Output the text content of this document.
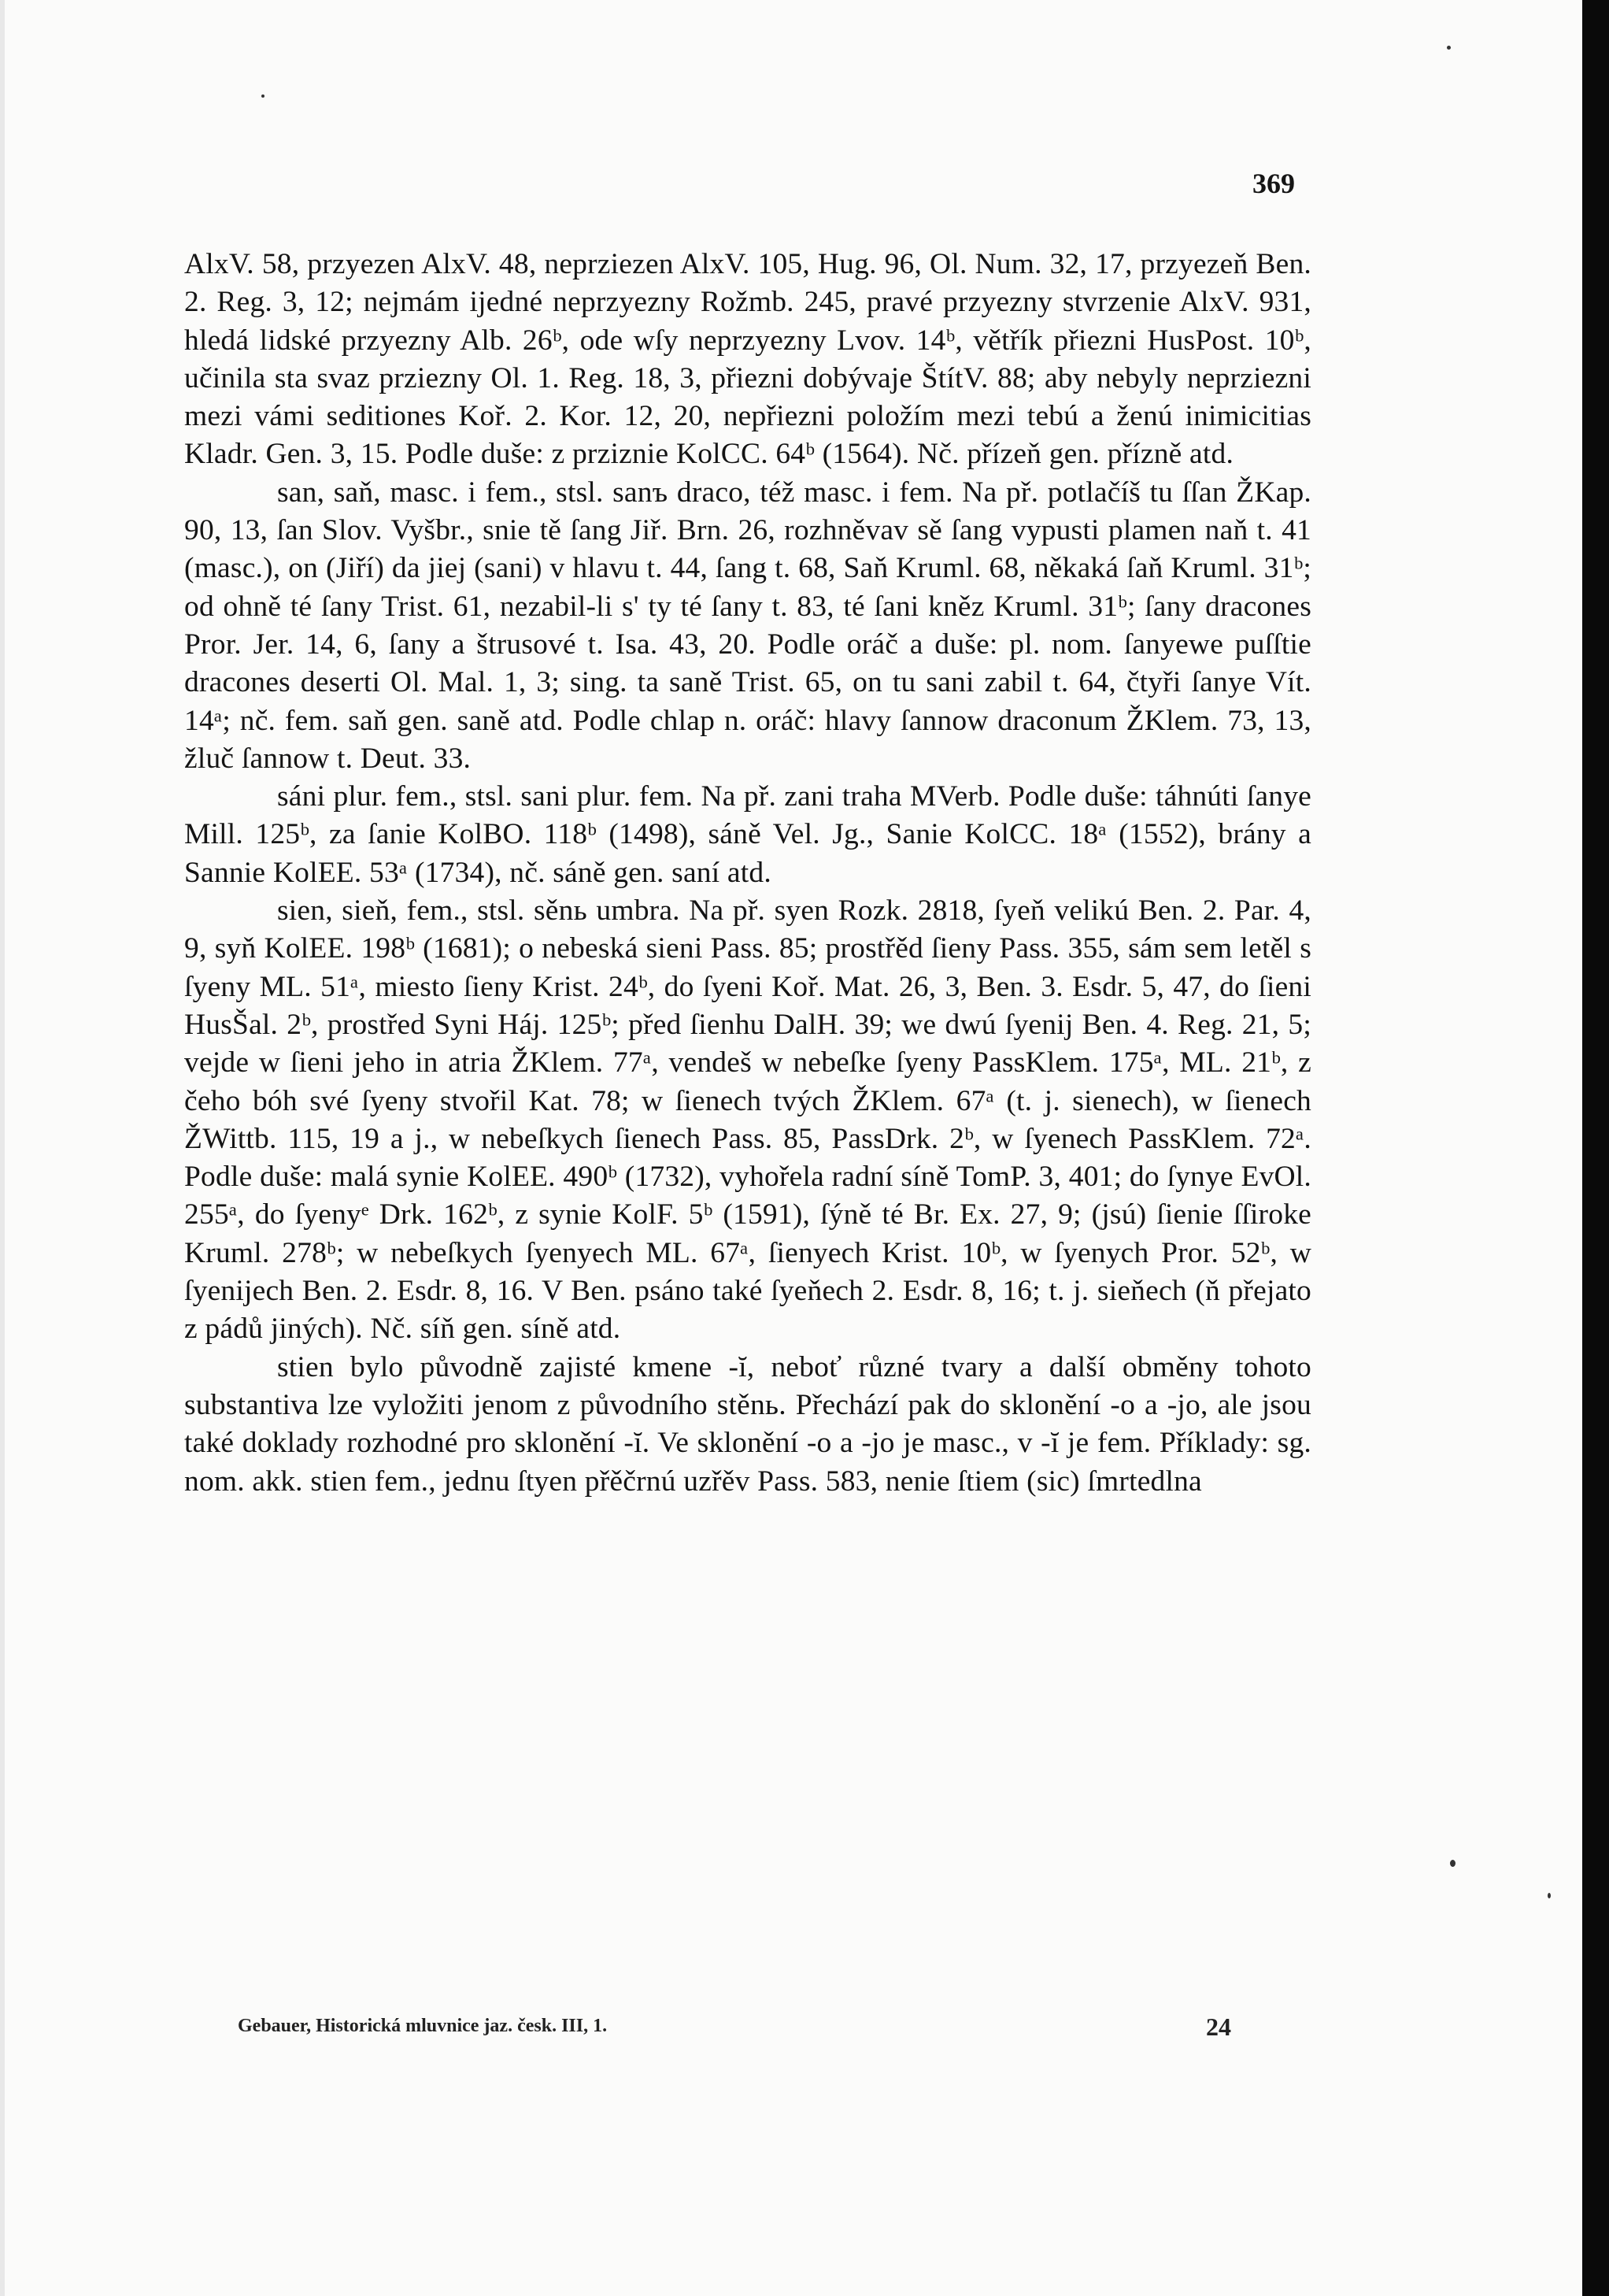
369

AlxV. 58, przyezen AlxV. 48, neprziezen AlxV. 105, Hug. 96, Ol. Num. 32, 17, przyezeň Ben. 2. Reg. 3, 12; nejmám ijedné neprzyezny Rožmb. 245, pravé przyezny stvrzenie AlxV. 931, hledá lidské przyezny Alb. 26ᵇ, ode wſy neprzyezny Lvov. 14ᵇ, větřík přiezni HusPost. 10ᵇ, učinila sta svaz prziezny Ol. 1. Reg. 18, 3, přiezni dobývaje ŠtítV. 88; aby nebyly neprziezni mezi vámi seditiones Koř. 2. Kor. 12, 20, nepřiezni položím mezi tebú a ženú inimicitias Kladr. Gen. 3, 15. Podle duše: z prziznie KolCC. 64ᵇ (1564). Nč. přízeň gen. přízně atd.

san, saň, masc. i fem., stsl. sanъ draco, též masc. i fem. Na př. potlačíš tu ſſan ŽKap. 90, 13, ſan Slov. Vyšbr., snie tě ſang Jiř. Brn. 26, rozhněvav sě ſang vypusti plamen naň t. 41 (masc.), on (Jiří) da jiej (sani) v hlavu t. 44, ſang t. 68, Saň Kruml. 68, někaká ſaň Kruml. 31ᵇ; od ohně té ſany Trist. 61, nezabil-li s' ty té ſany t. 83, té ſani kněz Kruml. 31ᵇ; ſany dracones Pror. Jer. 14, 6, ſany a štrusové t. Isa. 43, 20. Podle oráč a duše: pl. nom. ſanyewe puſſtie dracones deserti Ol. Mal. 1, 3; sing. ta saně Trist. 65, on tu sani zabil t. 64, čtyři ſanye Vít. 14ᵃ; nč. fem. saň gen. saně atd. Podle chlap n. oráč: hlavy ſannow draconum ŽKlem. 73, 13, žluč ſannow t. Deut. 33.

sáni plur. fem., stsl. sani plur. fem. Na př. zani traha MVerb. Podle duše: táhnúti ſanye Mill. 125ᵇ, za ſanie KolBO. 118ᵇ (1498), sáně Vel. Jg., Sanie KolCC. 18ᵃ (1552), brány a Sannie KolEE. 53ᵃ (1734), nč. sáně gen. saní atd.

sien, sieň, fem., stsl. sěnь umbra. Na př. syen Rozk. 2818, ſyeň velikú Ben. 2. Par. 4, 9, syň KolEE. 198ᵇ (1681); o nebeská sieni Pass. 85; prostřěd ſieny Pass. 355, sám sem letěl s ſyeny ML. 51ᵃ, miesto ſieny Krist. 24ᵇ, do ſyeni Koř. Mat. 26, 3, Ben. 3. Esdr. 5, 47, do ſieni HusŠal. 2ᵇ, prostřed Syni Háj. 125ᵇ; před ſienhu DalH. 39; we dwú ſyenij Ben. 4. Reg. 21, 5; vejde w ſieni jeho in atria ŽKlem. 77ᵃ, vendeš w nebeſke ſyeny PassKlem. 175ᵃ, ML. 21ᵇ, z čeho bóh své ſyeny stvořil Kat. 78; w ſienech tvých ŽKlem. 67ᵃ (t. j. sienech), w ſienech ŽWittb. 115, 19 a j., w nebeſkych ſienech Pass. 85, PassDrk. 2ᵇ, w ſyenech PassKlem. 72ᵃ. Podle duše: malá synie KolEE. 490ᵇ (1732), vyhořela radní síně TomP. 3, 401; do ſynye EvOl. 255ᵃ, do ſyenyᵉ Drk. 162ᵇ, z synie KolF. 5ᵇ (1591), ſýně té Br. Ex. 27, 9; (jsú) ſienie ſſiroke Kruml. 278ᵇ; w nebeſkych ſyenyech ML. 67ᵃ, ſienyech Krist. 10ᵇ, w ſyenych Pror. 52ᵇ, w ſyenijech Ben. 2. Esdr. 8, 16. V Ben. psáno také ſyeňech 2. Esdr. 8, 16; t. j. sieňech (ň přejato z pádů jiných). Nč. síň gen. síně atd.

stien bylo původně zajisté kmene -ĭ, neboť různé tvary a další obměny tohoto substantiva lze vyložiti jenom z původního stěnь. Přechází pak do sklonění -o a -jo, ale jsou také doklady rozhodné pro sklonění -ĭ. Ve sklonění -o a -jo je masc., v -ĭ je fem. Příklady: sg. nom. akk. stien fem., jednu ſtyen přěčrnú uzřěv Pass. 583, nenie ſtiem (sic) ſmrtedlna

Gebauer, Historická mluvnice jaz. česk. III, 1.	24
